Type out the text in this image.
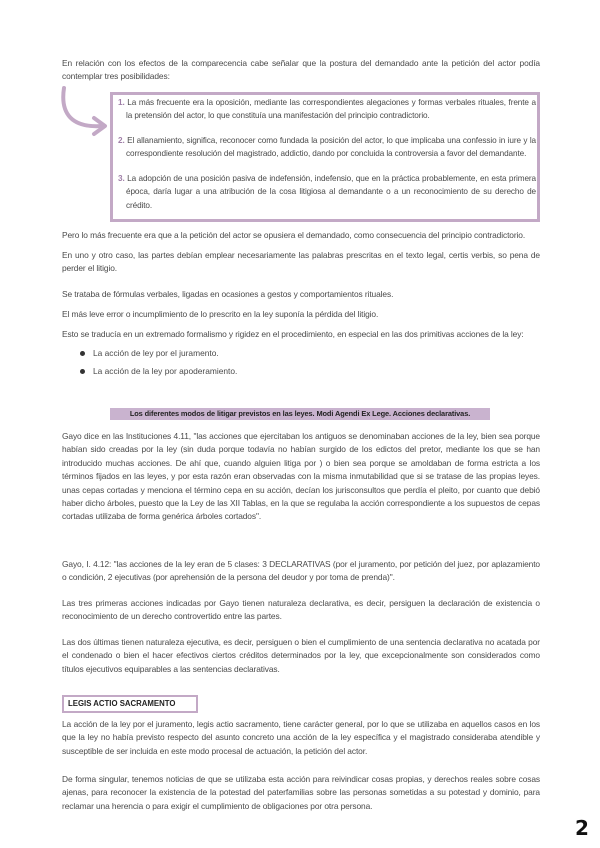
En relación con los efectos de la comparecencia cabe señalar que la postura del demandado ante la petición del actor podía contemplar tres posibilidades:

1. La más frecuente era la oposición, mediante las correspondientes alegaciones y formas verbales rituales, frente a la pretensión del actor, lo que constituía una manifestación del principio contradictorio.
2. El allanamiento, significa, reconocer como fundada la posición del actor, lo que implicaba una confessio in iure y la correspondiente resolución del magistrado, addictio, dando por concluida la controversia a favor del demandante.
3. La adopción de una posición pasiva de indefensión, indefensio, que en la práctica probablemente, en esta primera época, daría lugar a una atribución de la cosa litigiosa al demandante o a un reconocimiento de su derecho de crédito.

Pero lo más frecuente era que a la petición del actor se opusiera el demandado, como consecuencia del principio contradictorio.

En uno y otro caso, las partes debían emplear necesariamente las palabras prescritas en el texto legal, certis verbis, so pena de perder el litigio.

Se trataba de fórmulas verbales, ligadas en ocasiones a gestos y comportamientos rituales.

El más leve error o incumplimiento de lo prescrito en la ley suponía la pérdida del litigio.

Esto se traducía en un extremado formalismo y rigidez en el procedimiento, en especial en las dos primitivas acciones de la ley:

La acción de ley por el juramento.
La acción de la ley por apoderamiento.
Los diferentes modos de litigar previstos en las leyes. Modi Agendi Ex Lege. Acciones declarativas.

Gayo dice en las Instituciones 4.11, "las acciones que ejercitaban los antiguos se denominaban acciones de la ley, bien sea porque habían sido creadas por la ley (sin duda porque todavía no habían surgido de los edictos del pretor, mediante los que se han introducido muchas acciones. De ahí que, cuando alguien litiga por ) o bien sea porque se amoldaban de forma estricta a los términos fijados en las leyes, y por esta razón eran observadas con la misma inmutabilidad que si se tratase de las propias leyes. unas cepas cortadas y menciona el término cepa en su acción, decían los jurisconsultos que perdía el pleito, por cuanto que debió haber dicho árboles, puesto que la Ley de las XII Tablas, en la que se regulaba la acción correspondiente a los supuestos de cepas cortadas utilizaba de forma genérica árboles cortados".

Gayo, I. 4.12: "las acciones de la ley eran de 5 clases: 3 DECLARATIVAS (por el juramento, por petición del juez, por aplazamiento o condición, 2 ejecutivas (por aprehensión de la persona del deudor y por toma de prenda)".

Las tres primeras acciones indicadas por Gayo tienen naturaleza declarativa, es decir, persiguen la declaración de existencia o reconocimiento de un derecho controvertido entre las partes.

Las dos últimas tienen naturaleza ejecutiva, es decir, persiguen o bien el cumplimiento de una sentencia declarativa no acatada por el condenado o bien el hacer efectivos ciertos créditos determinados por la ley, que excepcionalmente son considerados como títulos ejecutivos equiparables a las sentencias declarativas.

LEGIS ACTIO SACRAMENTO

La acción de la ley por el juramento, legis actio sacramento, tiene carácter general, por lo que se utilizaba en aquellos casos en los que la ley no había previsto respecto del asunto concreto una acción de la ley específica y el magistrado consideraba atendible y susceptible de ser incluida en este modo procesal de actuación, la petición del actor.

De forma singular, tenemos noticias de que se utilizaba esta acción para reivindicar cosas propias, y derechos reales sobre cosas ajenas, para reconocer la existencia de la potestad del paterfamilias sobre las personas sometidas a su potestad y dominio, para reclamar una herencia o para exigir el cumplimiento de obligaciones por otra persona.

2
